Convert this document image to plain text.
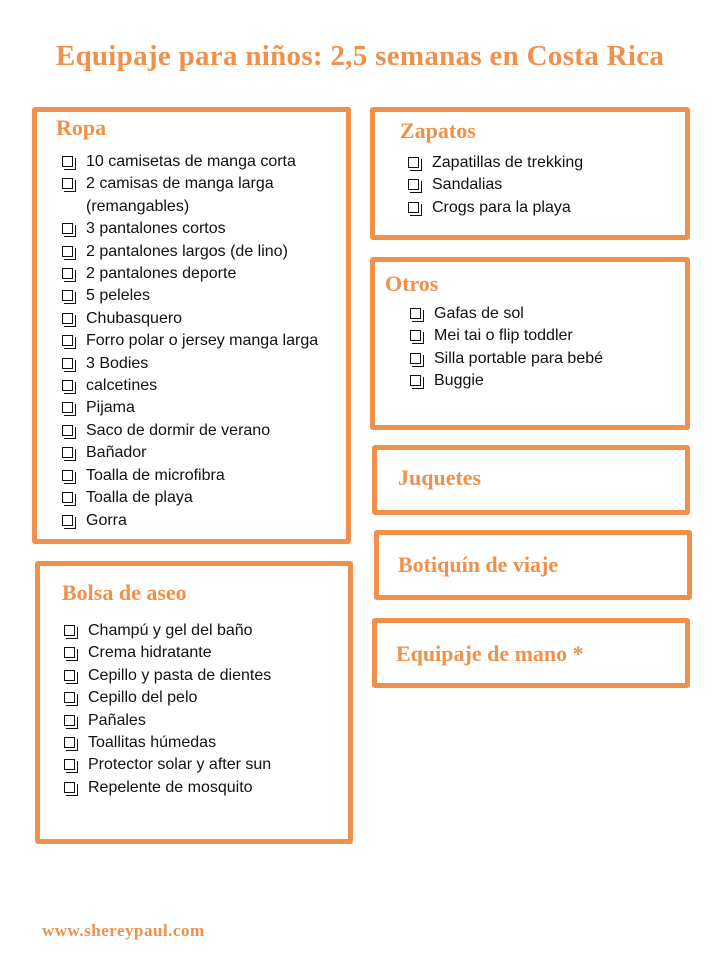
Equipaje para niños: 2,5 semanas en Costa Rica
Ropa
10 camisetas de manga corta
2 camisas de manga larga (remangables)
3 pantalones cortos
2 pantalones largos (de lino)
2 pantalones deporte
5 peleles
Chubasquero
Forro polar o jersey manga larga
3 Bodies
calcetines
Pijama
Saco de dormir de verano
Bañador
Toalla de microfibra
Toalla de playa
Gorra
Bolsa de aseo
Champú y gel del baño
Crema hidratante
Cepillo y pasta de dientes
Cepillo del pelo
Pañales
Toallitas húmedas
Protector solar y after sun
Repelente de mosquito
Zapatos
Zapatillas de trekking
Sandalias
Crogs para la playa
Otros
Gafas de sol
Mei tai o flip toddler
Silla portable para bebé
Buggie
Juquetes
Botiquín de viaje
Equipaje de mano *
www.shereypaul.com
